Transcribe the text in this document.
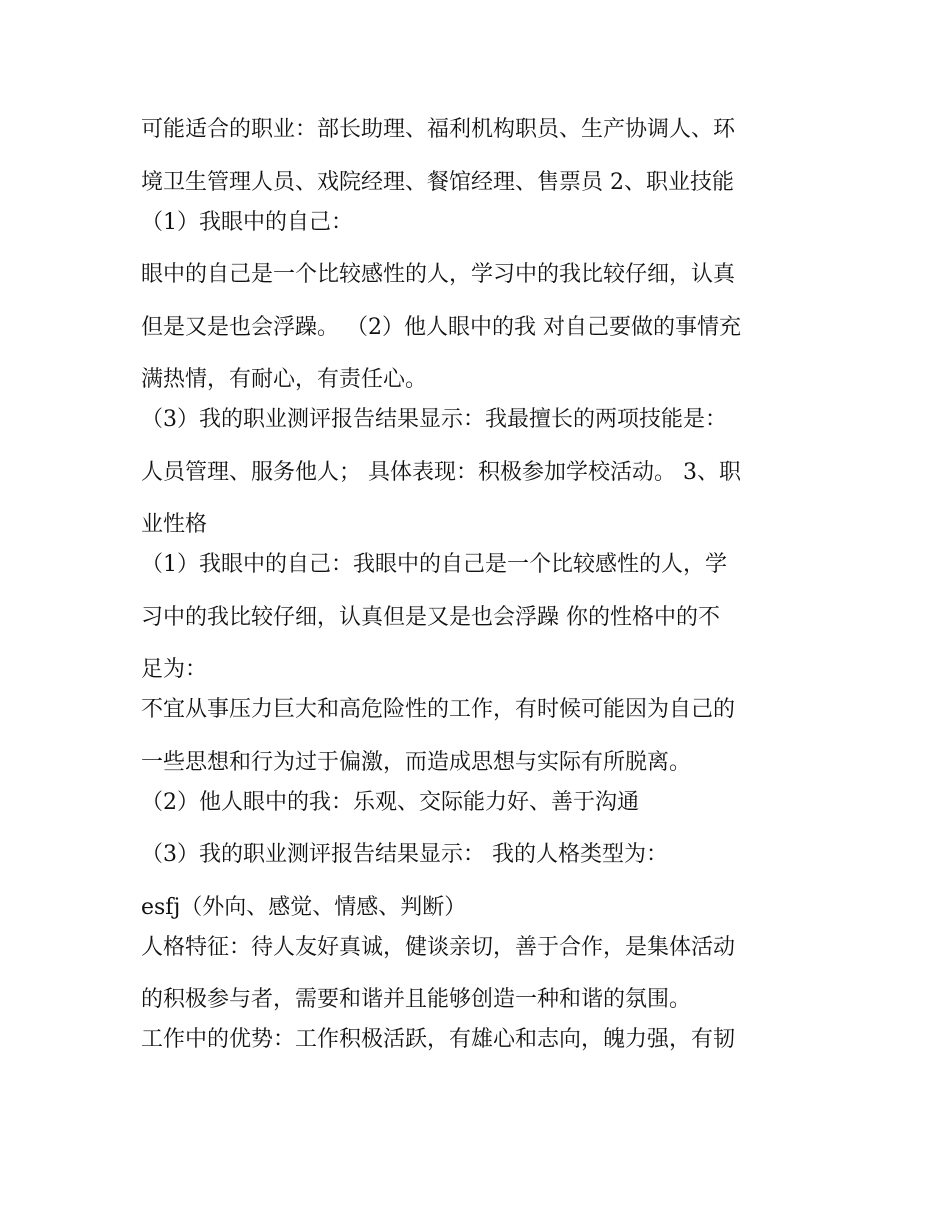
可能适合的职业：部长助理、福利机构职员、生产协调人、环
境卫生管理人员、戏院经理、餐馆经理、售票员 2、职业技能
（1）我眼中的自己：
眼中的自己是一个比较感性的人，学习中的我比较仔细，认真
但是又是也会浮躁。 （2）他人眼中的我 对自己要做的事情充
满热情，有耐心，有责任心。
（3）我的职业测评报告结果显示：我最擅长的两项技能是：
人员管理、服务他人； 具体表现：积极参加学校活动。 3、职
业性格
（1）我眼中的自己：我眼中的自己是一个比较感性的人，学
习中的我比较仔细，认真但是又是也会浮躁 你的性格中的不
足为：
不宜从事压力巨大和高危险性的工作，有时候可能因为自己的
一些思想和行为过于偏激，而造成思想与实际有所脱离。
（2）他人眼中的我：乐观、交际能力好、善于沟通
（3）我的职业测评报告结果显示： 我的人格类型为：
esfj（外向、感觉、情感、判断）
人格特征：待人友好真诚，健谈亲切，善于合作，是集体活动
的积极参与者，需要和谐并且能够创造一种和谐的氛围。
工作中的优势：工作积极活跃，有雄心和志向，魄力强，有韧
